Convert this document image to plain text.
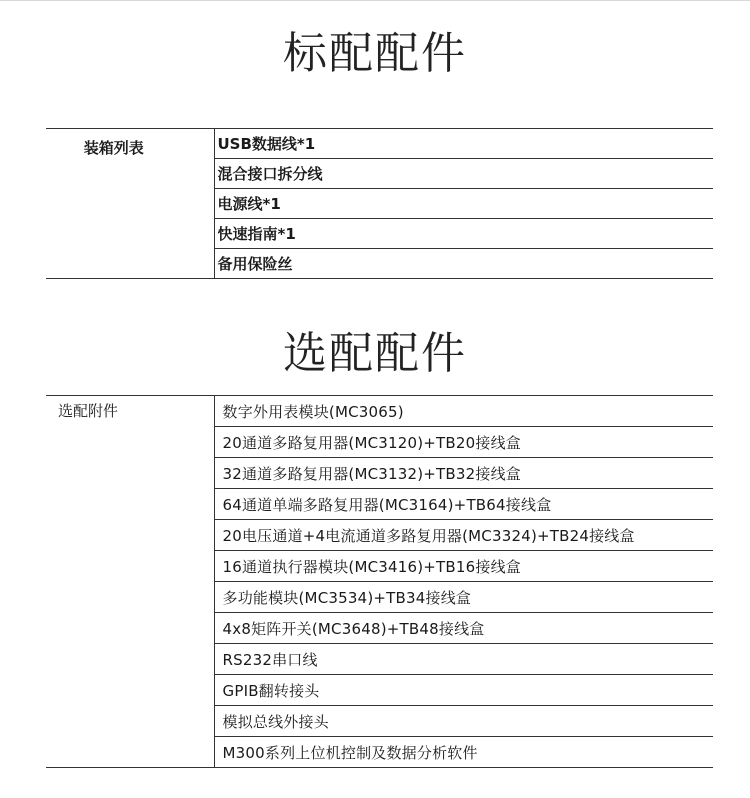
标配配件
装箱列表	USB数据线*1
混合接口拆分线
电源线*1
快速指南*1
备用保险丝
选配配件
选配附件	数字外用表模块(MC3065)
20通道多路复用器(MC3120)+TB20接线盒
32通道多路复用器(MC3132)+TB32接线盒
64通道单端多路复用器(MC3164)+TB64接线盒
20电压通道+4电流通道多路复用器(MC3324)+TB24接线盒
16通道执行器模块(MC3416)+TB16接线盒
多功能模块(MC3534)+TB34接线盒
4x8矩阵开关(MC3648)+TB48接线盒
RS232串口线
GPIB翻转接头
模拟总线外接头
M300系列上位机控制及数据分析软件
